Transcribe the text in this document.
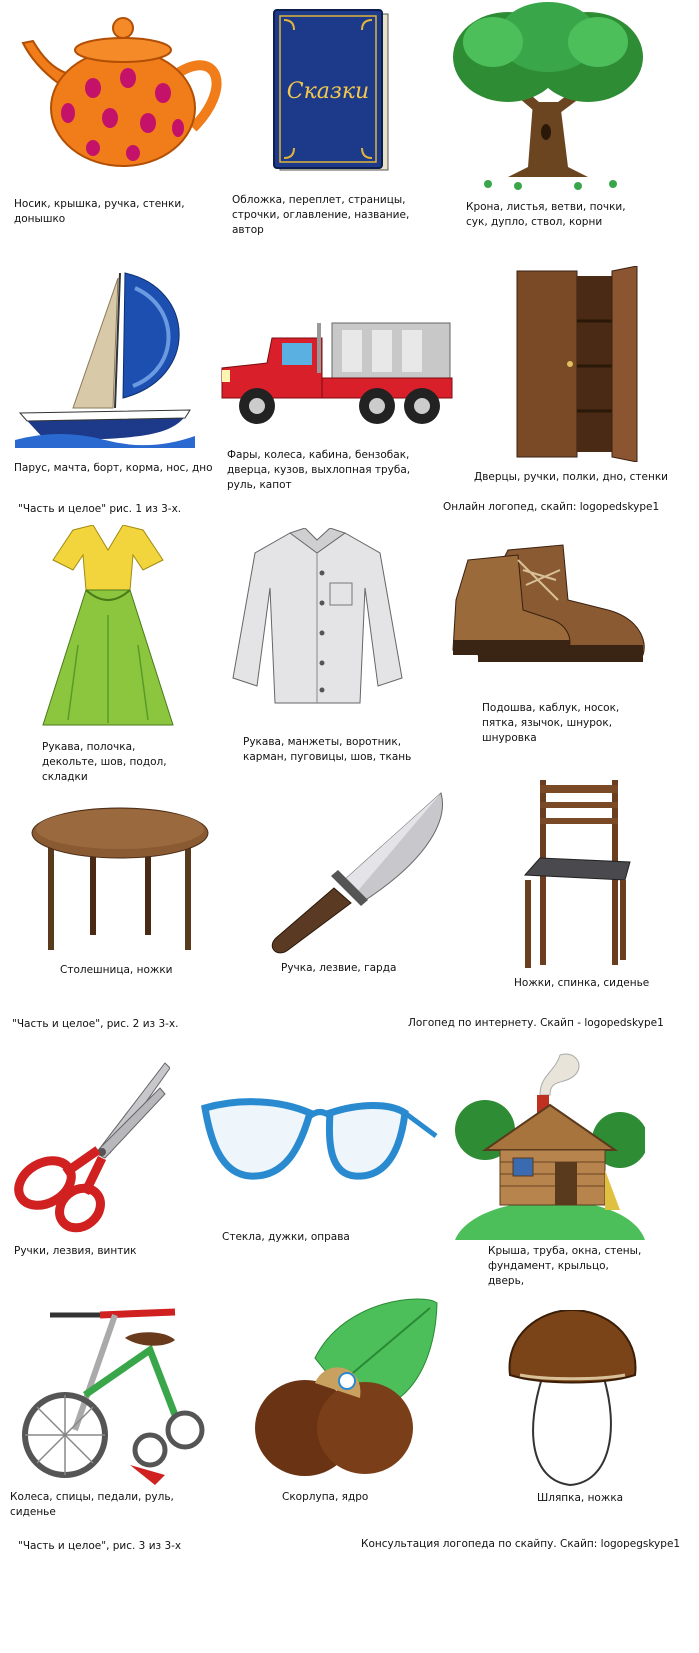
Носик, крышка, ручка, стенки, донышко
Сказки
Обложка, переплет, страницы, строчки, оглавление, название, автор
Крона, листья, ветви, почки, сук, дупло, ствол, корни
Парус, мачта, борт, корма, нос, дно
Фары, колеса, кабина, бензобак, дверца, кузов, выхлопная труба, руль, капот
Дверцы, ручки, полки, дно, стенки
"Часть и целое" рис. 1 из 3-х.	Онлайн логопед, скайп: logopedskype1
Рукава, полочка, декольте, шов, подол, складки
Рукава, манжеты, воротник, карман, пуговицы, шов, ткань
Подошва, каблук, носок, пятка, язычок, шнурок, шнуровка
Столешница, ножки	Ручка, лезвие, гарда
Ножки, спинка, сиденье
"Часть и целое", рис. 2 из 3-х.	Логопед по интернету. Скайп - logopedskype1
Ручки, лезвия, винтик
Стекла, дужки, оправа
Крыша, труба, окна, стены, фундамент, крыльцо, дверь,
Колеса, спицы, педали, руль, сиденье
Скорлупа, ядро	Шляпка, ножка
"Часть и целое", рис. 3 из 3-х	Консультация логопеда по скайпу. Скайп: logopegskype1
